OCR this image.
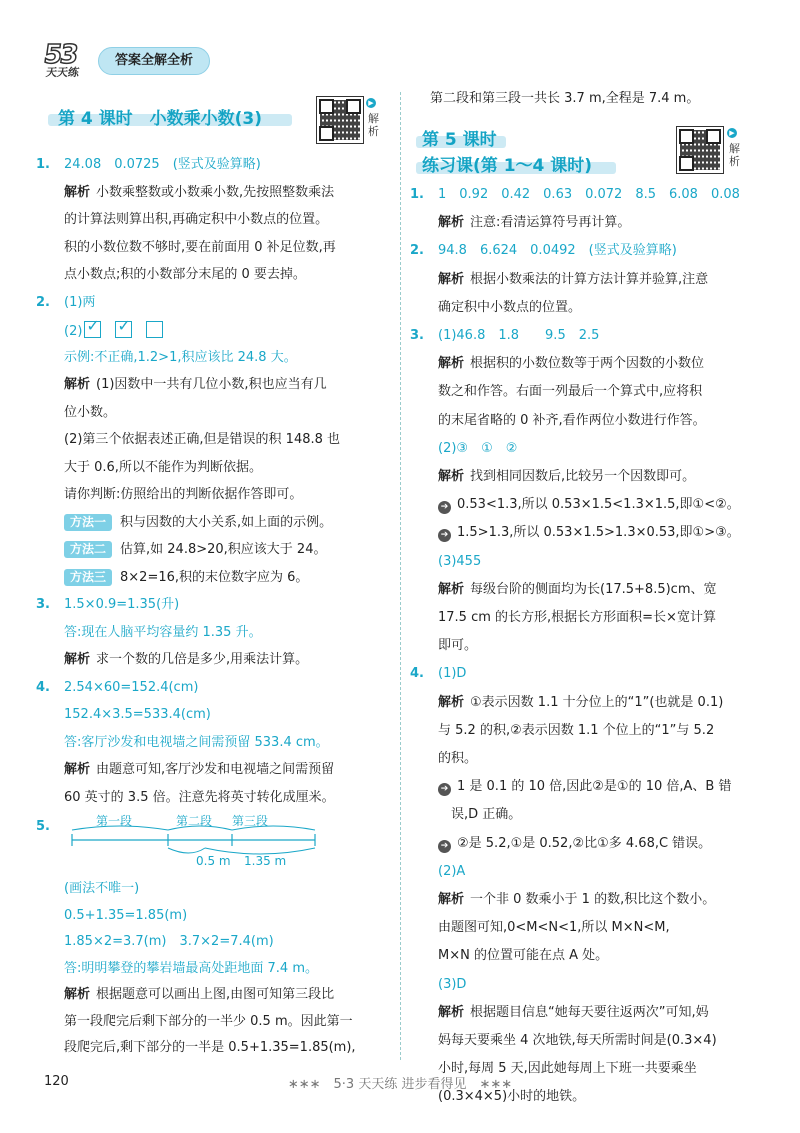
53
天天练
答案全解全析
第 4 课时　小数乘小数(3)
▶
解
析
1. 24.08　0.0725　(竖式及验算略)
解析 小数乘整数或小数乘小数,先按照整数乘法
的计算法则算出积,再确定积中小数点的位置。
积的小数位数不够时,要在前面用 0 补足位数,再
点小数点;积的小数部分末尾的 0 要去掉。
2. (1)两
(2) ✓ ✓
示例:不正确,1.2>1,积应该比 24.8 大。
解析 (1)因数中一共有几位小数,积也应当有几
位小数。
(2)第三个依据表述正确,但是错误的积 148.8 也
大于 0.6,所以不能作为判断依据。
请你判断:仿照给出的判断依据作答即可。
方法一 积与因数的大小关系,如上面的示例。
方法二 估算,如 24.8>20,积应该大于 24。
方法三 8×2=16,积的末位数字应为 6。
3. 1.5×0.9=1.35(升)
答:现在人脑平均容量约 1.35 升。
解析 求一个数的几倍是多少,用乘法计算。
4. 2.54×60=152.4(cm)
152.4×3.5=533.4(cm)
答:客厅沙发和电视墙之间需预留 533.4 cm。
解析 由题意可知,客厅沙发和电视墙之间需预留
60 英寸的 3.5 倍。注意先将英寸转化成厘米。
5.	第一段	第二段 第三段
0.5 m 1.35 m
(画法不唯一)
0.5+1.35=1.85(m)
1.85×2=3.7(m)　3.7×2=7.4(m)
答:明明攀登的攀岩墙最高处距地面 7.4 m。
解析 根据题意可以画出上图,由图可知第三段比
第一段爬完后剩下部分的一半少 0.5 m。因此第一
段爬完后,剩下部分的一半是 0.5+1.35=1.85(m),
第二段和第三段一共长 3.7 m,全程是 7.4 m。
第 5 课时
练习课(第 1～4 课时)
▶
解
析
1. 1　0.92　0.42　0.63　0.072　8.5　6.08　0.08
解析 注意:看清运算符号再计算。
2. 94.8　6.624　0.0492　(竖式及验算略)
解析 根据小数乘法的计算方法计算并验算,注意
确定积中小数点的位置。
3. (1)46.8　1.8　　9.5　2.5
解析 根据积的小数位数等于两个因数的小数位
数之和作答。右面一列最后一个算式中,应将积
的末尾省略的 0 补齐,看作两位小数进行作答。
(2)③　①　②
解析 找到相同因数后,比较另一个因数即可。
➔ 0.53<1.3,所以 0.53×1.5<1.3×1.5,即①<②。
➔ 1.5>1.3,所以 0.53×1.5>1.3×0.53,即①>③。
(3)455
解析 每级台阶的侧面均为长(17.5+8.5)cm、宽
17.5 cm 的长方形,根据长方形面积=长×宽计算
即可。
4. (1)D
解析 ①表示因数 1.1 十分位上的“1”(也就是 0.1)
与 5.2 的积,②表示因数 1.1 个位上的“1”与 5.2
的积。
➔ 1 是 0.1 的 10 倍,因此②是①的 10 倍,A、B 错
　误,D 正确。
➔ ②是 5.2,①是 0.52,②比①多 4.68,C 错误。
(2)A
解析 一个非 0 数乘小于 1 的数,积比这个数小。
由题图可知,0<M<N<1,所以 M×N<M,
M×N 的位置可能在点 A 处。
(3)D
解析 根据题目信息“她每天要往返两次”可知,妈
妈每天要乘坐 4 次地铁,每天所需时间是(0.3×4)
小时,每周 5 天,因此她每周上下班一共要乘坐
(0.3×4×5)小时的地铁。
120	∗∗∗　5·3 天天练 进步看得见　∗∗∗
